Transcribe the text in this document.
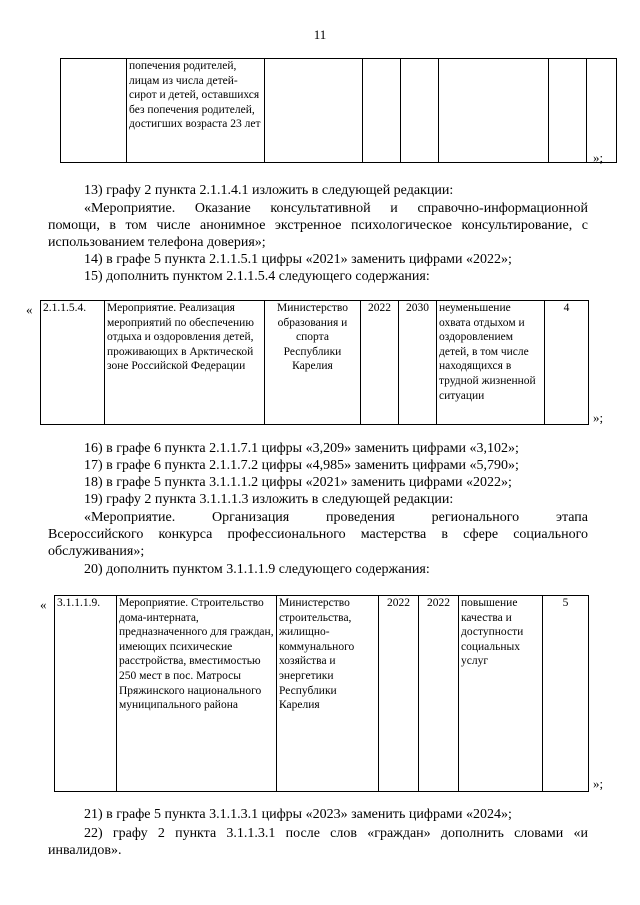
11
	попечения родителей, лицам из числа детей-сирот и детей, оставшихся без попечения родителей, достигших возраста 23 лет						
»;
13) графу 2 пункта 2.1.1.4.1 изложить в следующей редакции:
«Мероприятие. Оказание консультативной и справочно-информационной
помощи, в том числе анонимное экстренное психологическое консультирование, с
использованием телефона доверия»;
14) в графе 5 пункта 2.1.1.5.1 цифры «2021» заменить цифрами «2022»;
15) дополнить пунктом 2.1.1.5.4 следующего содержания:
« 2.1.1.5.4.	Мероприятие. Реализация мероприятий по обеспечению отдыха и оздоровления детей, проживающих в Арктической зоне Российской Федерации	Министерство образования и спорта Республики Карелия	2022	2030	неуменьшение охвата отдыхом и оздоровлением детей, в том числе находящихся в трудной жизненной ситуации	4
»;
16) в графе 6 пункта 2.1.1.7.1 цифры «3,209» заменить цифрами «3,102»;
17) в графе 6 пункта 2.1.1.7.2 цифры «4,985» заменить цифрами «5,790»;
18) в графе 5 пункта 3.1.1.1.2 цифры «2021» заменить цифрами «2022»;
19) графу 2 пункта 3.1.1.1.3 изложить в следующей редакции:
«Мероприятие. Организация проведения регионального этапа
Всероссийского конкурса профессионального мастерства в сфере социального
обслуживания»;
20) дополнить пунктом 3.1.1.1.9 следующего содержания:
« 3.1.1.1.9.	Мероприятие. Строительство дома-интерната, предназначенного для граждан, имеющих психические расстройства, вместимостью 250 мест в пос. Матросы Пряжинского национального муниципального района	Министерство строительства, жилищно-коммунального хозяйства и энергетики Республики Карелия	2022	2022	повышение качества и доступности социальных услуг	5
»;
21) в графе 5 пункта 3.1.1.3.1 цифры «2023» заменить цифрами «2024»;
22) графу 2 пункта 3.1.1.3.1 после слов «граждан» дополнить словами «и
инвалидов».
